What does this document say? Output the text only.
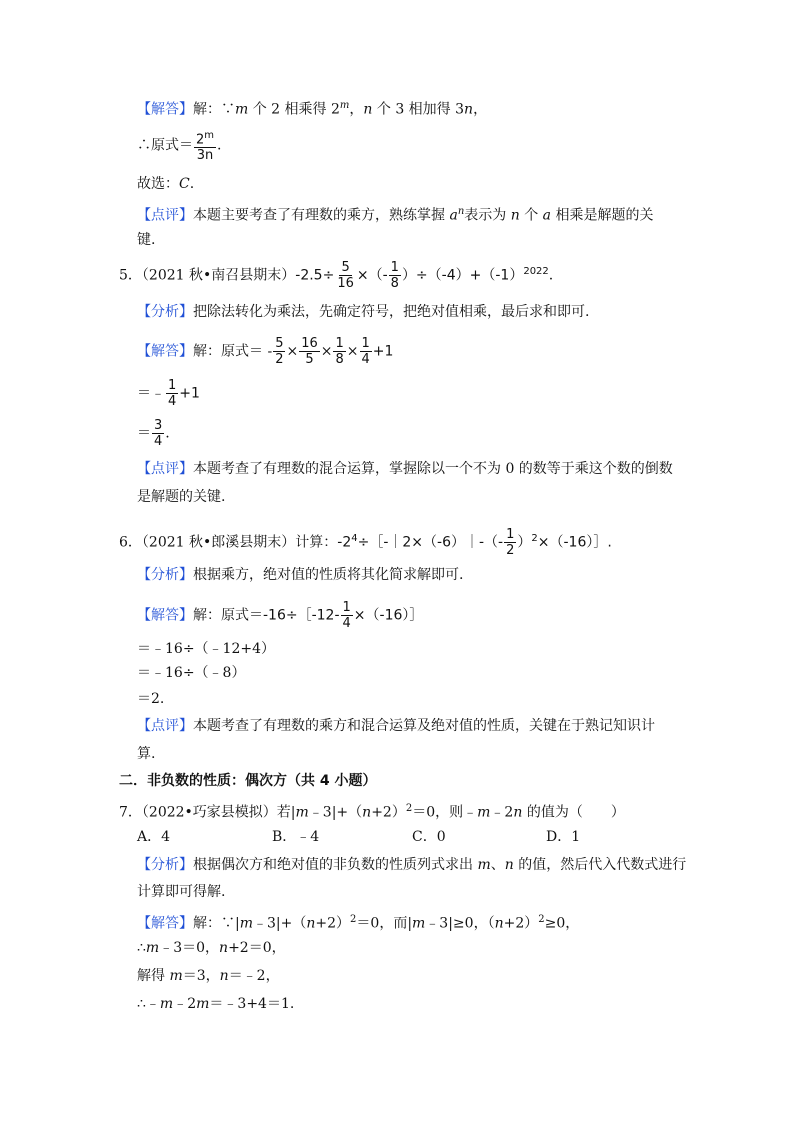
【解答】解：∵m 个 2 相乘得 2$^m$，n 个 3 相加得 3n，
∴原式＝ $\frac{2^m}{3n}$ .
故选：C.
【点评】本题主要考查了有理数的乘方，熟练掌握 $a^n$表示为 n 个 a 相乘是解题的关
键.
5．（2021 秋•南召县期末）$-2.5\div \frac{5}{16}$ ×（- $\frac{1}{8} )\div(-4)+(-1)^{2022}$.
【分析】把除法转化为乘法，先确定符号，把绝对值相乘，最后求和即可.
【解答】解：原式＝ - $\frac{5}{2} \times \frac{16}{5} \times \frac{1}{8} \times \frac{1}{4} +1$
＝﹣ $\frac{1}{4} +1$
＝ $\frac{3}{4}$ .
【点评】本题考查了有理数的混合运算，掌握除以一个不为 0 的数等于乘这个数的倒数
是解题的关键.
6．（2021 秋•郎溪县期末）计算：$-2^4\div[-|2\times(-6)|-(- \frac{1}{2}$ ）$^2$×（-16）］.
【分析】根据乘方，绝对值的性质将其化简求解即可.
【解答】解：原式＝-16÷［-12- $\frac{1}{4}$ ×（-16）］
＝﹣16÷（﹣12+4）
＝﹣16÷（﹣8）
＝2.
【点评】本题考查了有理数的乘方和混合运算及绝对值的性质，关键在于熟记知识计
算.
二．非负数的性质：偶次方（共 4 小题）
7．（2022•巧家县模拟）若$|m﹣3|+(n+2)^2=0$，则﹣m﹣2n 的值为（　　）
A．4	B．﹣4	C．0	D．1
【分析】根据偶次方和绝对值的非负数的性质列式求出 m、n 的值，然后代入代数式进行
计算即可得解.
【解答】解：$\because|m﹣3|+(n+2)^2=0$，而|m﹣3|≥0，$(n+2)^2\ge 0$，
∴m﹣3＝0，n+2＝0，
解得 m＝3，n＝﹣2，
∴﹣m﹣2m＝﹣3+4＝1.
